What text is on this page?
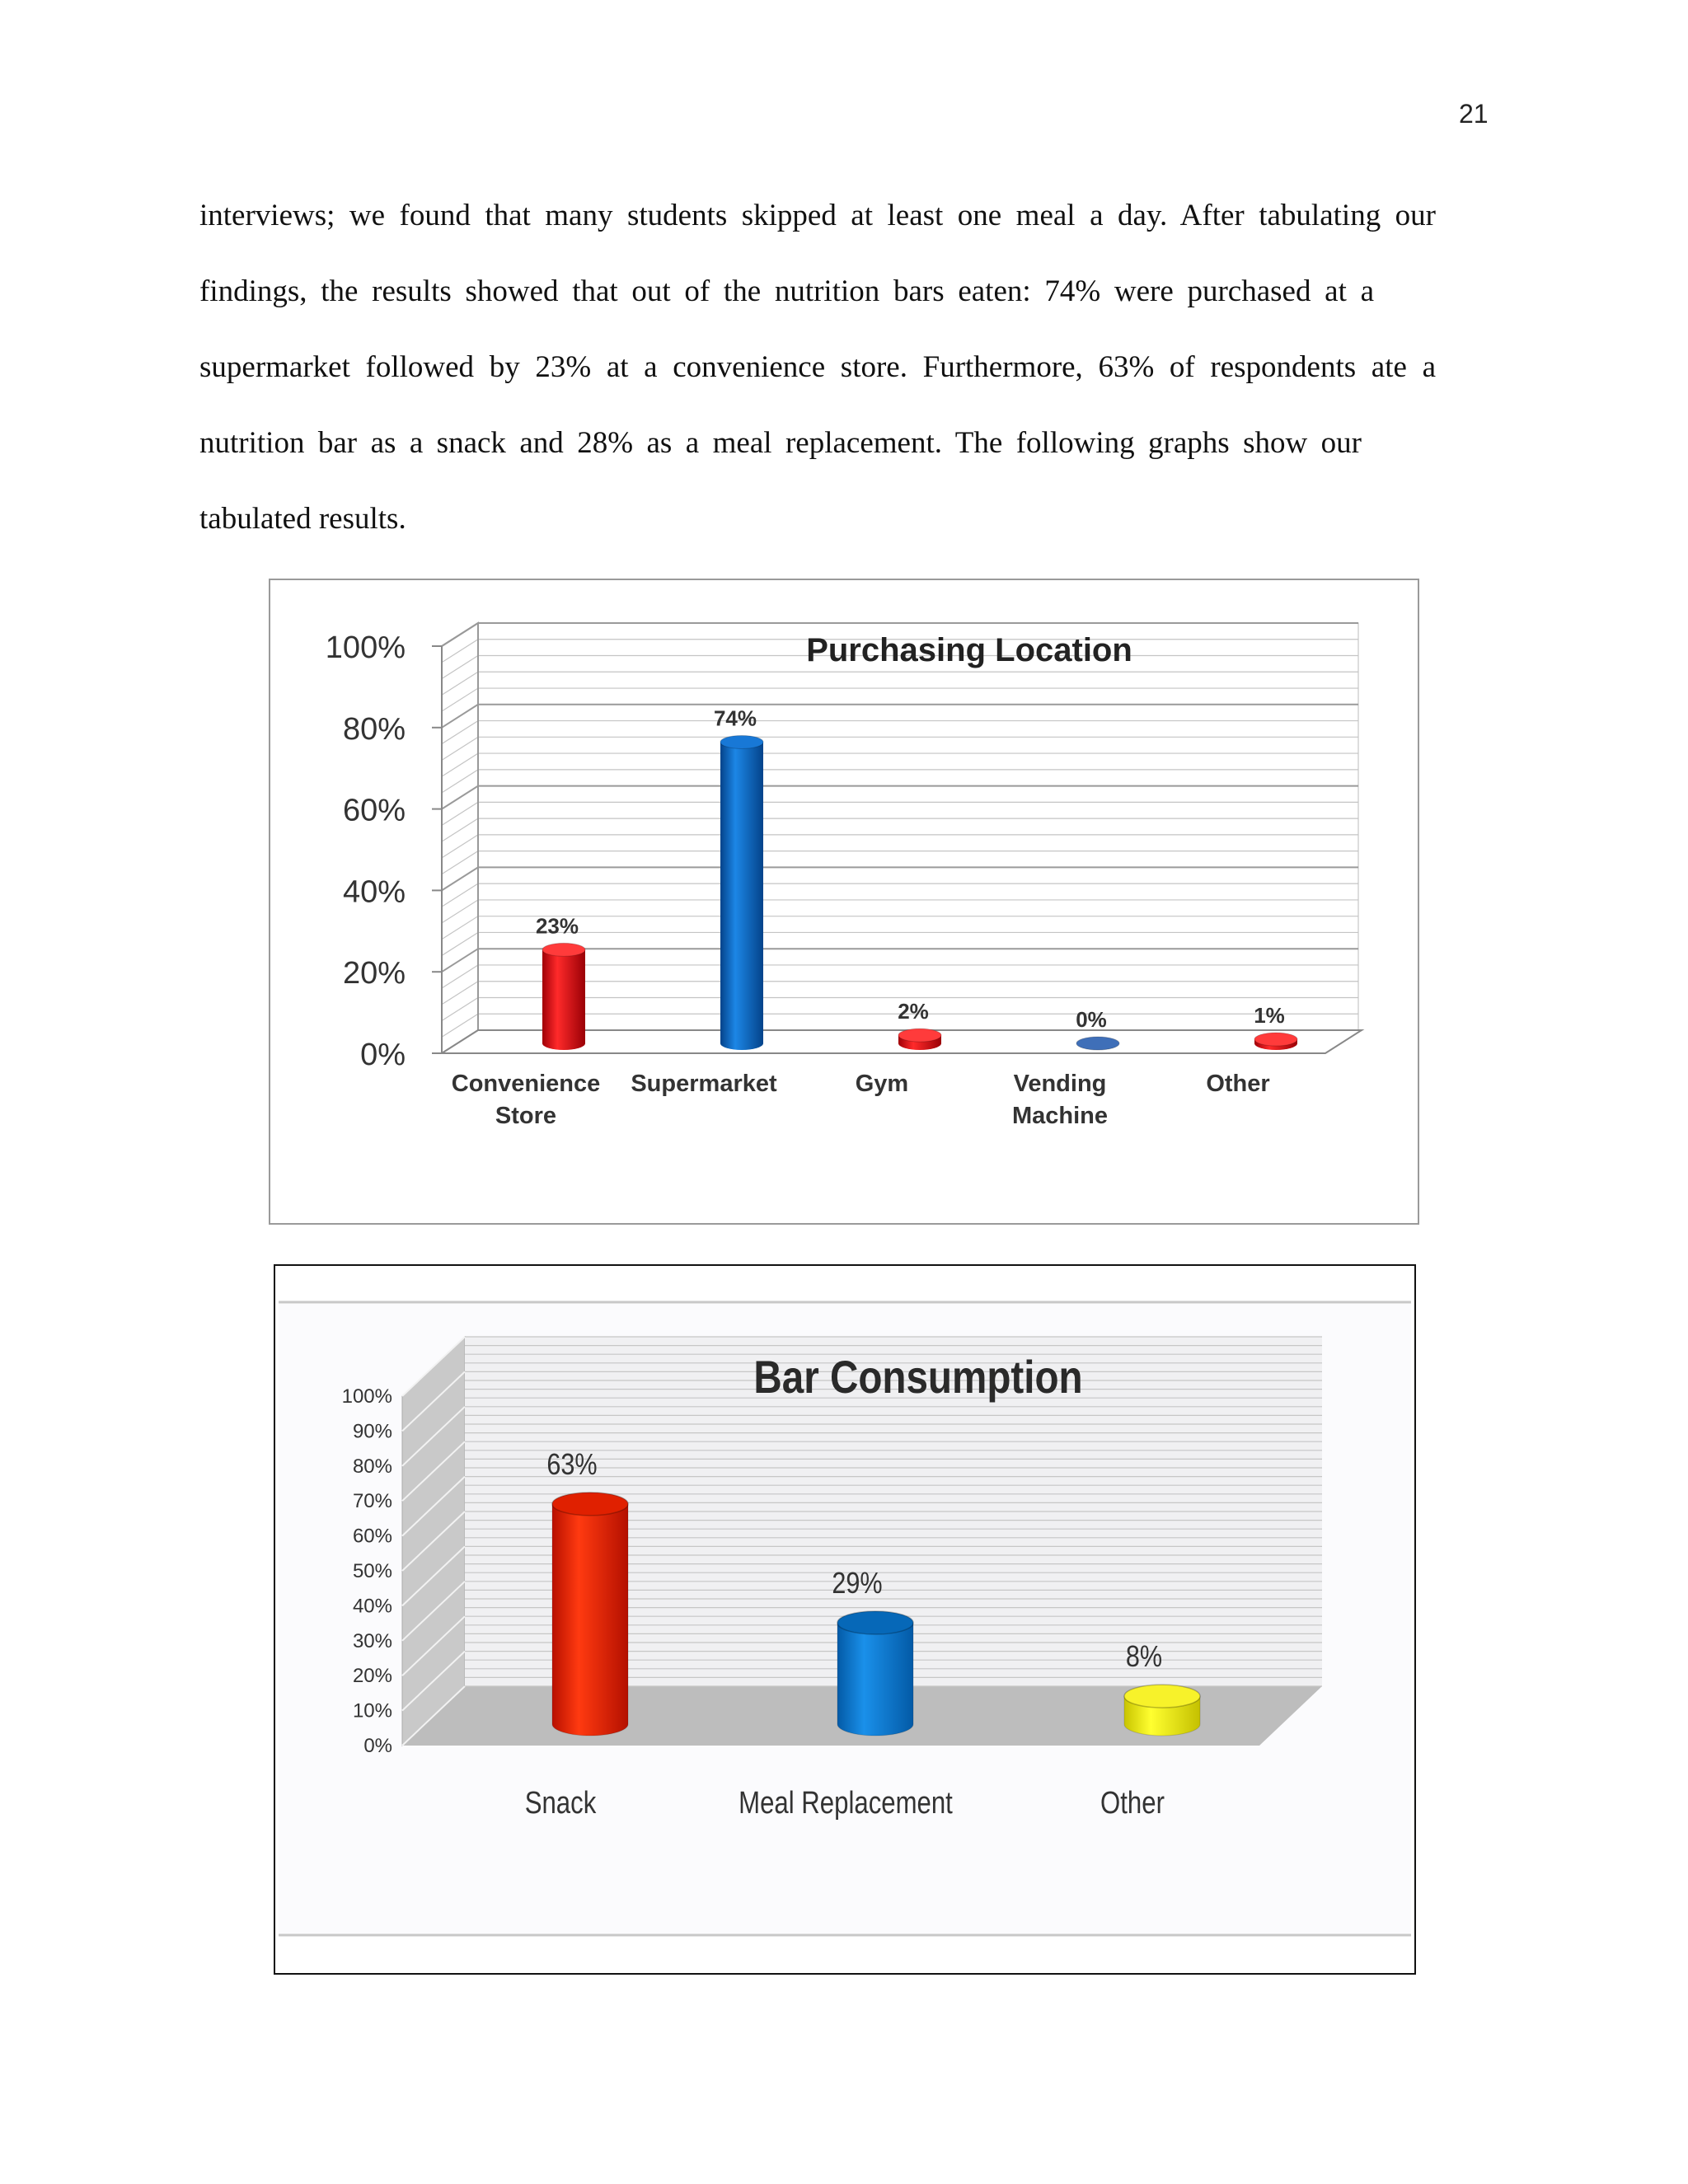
21
interviews; we found that many students skipped at least one meal a day. After tabulating our
findings, the results showed that out of the nutrition bars eaten: 74% were purchased at a
supermarket followed by 23% at a convenience store. Furthermore, 63% of respondents ate a
nutrition bar as a snack and 28% as a meal replacement. The following graphs show our
tabulated results.
0%
20%
40%
60%
80%
100%	Purchasing Location
23%
74%
2%	0%	1%
Convenience
Store
Supermarket	Gym	Vending
Machine
Other
0%
10%
20%
30%
40%
50%
60%
70%
80%
90%
100%	Bar Consumption
63%
29%
8%
Snack	Meal Replacement	Other
